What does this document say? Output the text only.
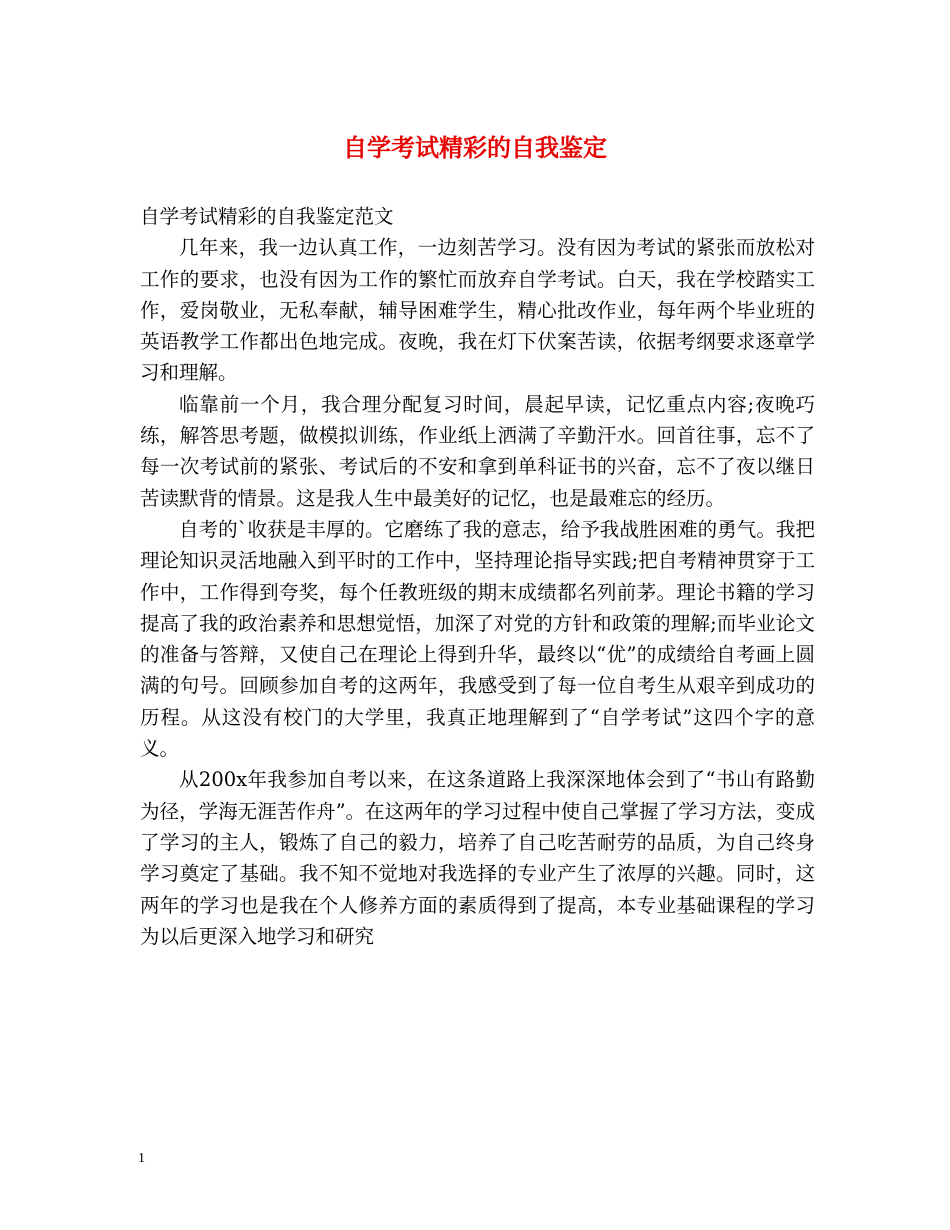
自学考试精彩的自我鉴定

自学考试精彩的自我鉴定范文

几年来，我一边认真工作，一边刻苦学习。没有因为考试的紧张而放松对工作的要求，也没有因为工作的繁忙而放弃自学考试。白天，我在学校踏实工作，爱岗敬业，无私奉献，辅导困难学生，精心批改作业，每年两个毕业班的英语教学工作都出色地完成。夜晚，我在灯下伏案苦读，依据考纲要求逐章学习和理解。

临靠前一个月，我合理分配复习时间，晨起早读，记忆重点内容;夜晚巧练，解答思考题，做模拟训练，作业纸上洒满了辛勤汗水。回首往事，忘不了每一次考试前的紧张、考试后的不安和拿到单科证书的兴奋，忘不了夜以继日苦读默背的情景。这是我人生中最美好的记忆，也是最难忘的经历。

自考的`收获是丰厚的。它磨练了我的意志，给予我战胜困难的勇气。我把理论知识灵活地融入到平时的工作中，坚持理论指导实践;把自考精神贯穿于工作中，工作得到夸奖，每个任教班级的期末成绩都名列前茅。理论书籍的学习提高了我的政治素养和思想觉悟，加深了对党的方针和政策的理解;而毕业论文的准备与答辩，又使自己在理论上得到升华，最终以“优”的成绩给自考画上圆满的句号。回顾参加自考的这两年，我感受到了每一位自考生从艰辛到成功的历程。从这没有校门的大学里，我真正地理解到了“自学考试”这四个字的意义。

从200x年我参加自考以来，在这条道路上我深深地体会到了“书山有路勤为径，学海无涯苦作舟”。在这两年的学习过程中使自己掌握了学习方法，变成了学习的主人，锻炼了自己的毅力，培养了自己吃苦耐劳的品质，为自己终身学习奠定了基础。我不知不觉地对我选择的专业产生了浓厚的兴趣。同时，这两年的学习也是我在个人修养方面的素质得到了提高，本专业基础课程的学习为以后更深入地学习和研究

1
